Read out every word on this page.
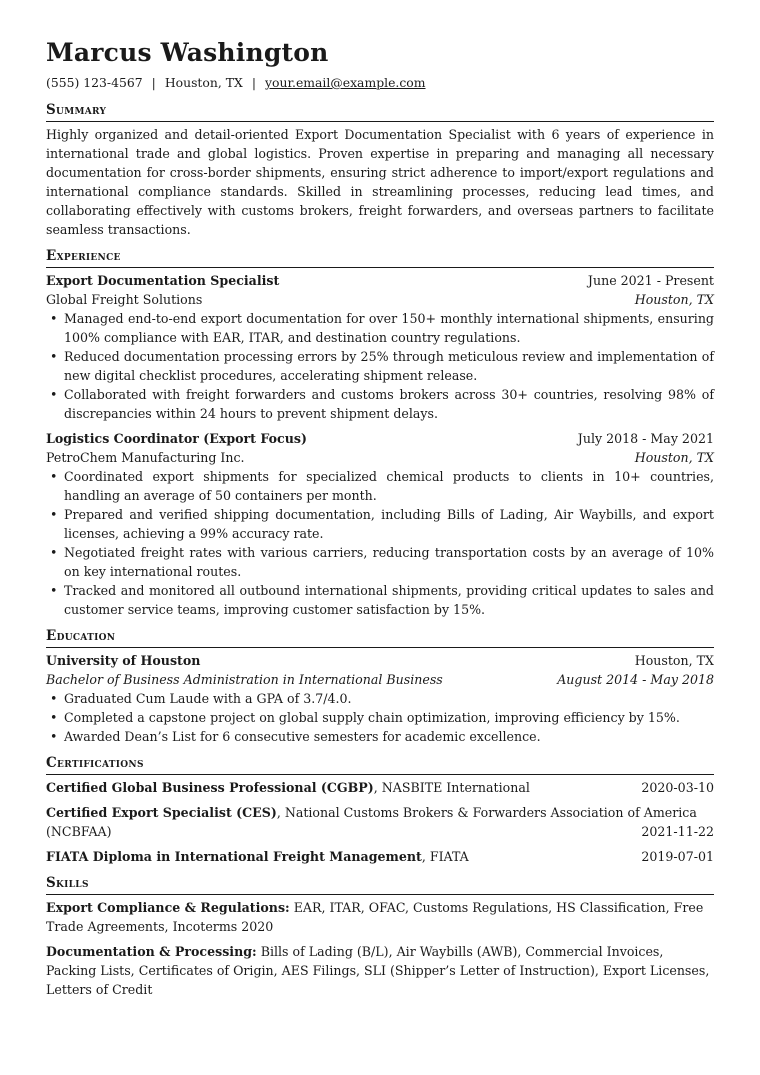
Marcus Washington
(555) 123-4567 | Houston, TX | your.email@example.com
Summary
Highly organized and detail-oriented Export Documentation Specialist with 6 years of experience in international trade and global logistics. Proven expertise in preparing and managing all necessary documentation for cross-border shipments, ensuring strict adherence to import/export regulations and international compliance standards. Skilled in streamlining processes, reducing lead times, and collaborating effectively with customs brokers, freight forwarders, and overseas partners to facilitate seamless transactions.
Experience
Export Documentation Specialist	June 2021 - Present
Global Freight Solutions	Houston, TX
• Managed end-to-end export documentation for over 150+ monthly international shipments, ensuring 100% compliance with EAR, ITAR, and destination country regulations.
• Reduced documentation processing errors by 25% through meticulous review and implementation of new digital checklist procedures, accelerating shipment release.
• Collaborated with freight forwarders and customs brokers across 30+ countries, resolving 98% of discrepancies within 24 hours to prevent shipment delays.
Logistics Coordinator (Export Focus)	July 2018 - May 2021
PetroChem Manufacturing Inc.	Houston, TX
• Coordinated export shipments for specialized chemical products to clients in 10+ countries, handling an average of 50 containers per month.
• Prepared and verified shipping documentation, including Bills of Lading, Air Waybills, and export licenses, achieving a 99% accuracy rate.
• Negotiated freight rates with various carriers, reducing transportation costs by an average of 10% on key international routes.
• Tracked and monitored all outbound international shipments, providing critical updates to sales and customer service teams, improving customer satisfaction by 15%.
Education
University of Houston	Houston, TX
Bachelor of Business Administration in International Business	August 2014 - May 2018
• Graduated Cum Laude with a GPA of 3.7/4.0.
• Completed a capstone project on global supply chain optimization, improving efficiency by 15%.
• Awarded Dean’s List for 6 consecutive semesters for academic excellence.
Certifications
Certified Global Business Professional (CGBP), NASBITE International	2020-03-10
Certified Export Specialist (CES), National Customs Brokers & Forwarders Association of America (NCBFAA)	2021-11-22
FIATA Diploma in International Freight Management, FIATA	2019-07-01
Skills
Export Compliance & Regulations: EAR, ITAR, OFAC, Customs Regulations, HS Classification, Free Trade Agreements, Incoterms 2020
Documentation & Processing: Bills of Lading (B/L), Air Waybills (AWB), Commercial Invoices, Packing Lists, Certificates of Origin, AES Filings, SLI (Shipper’s Letter of Instruction), Export Licenses, Letters of Credit
